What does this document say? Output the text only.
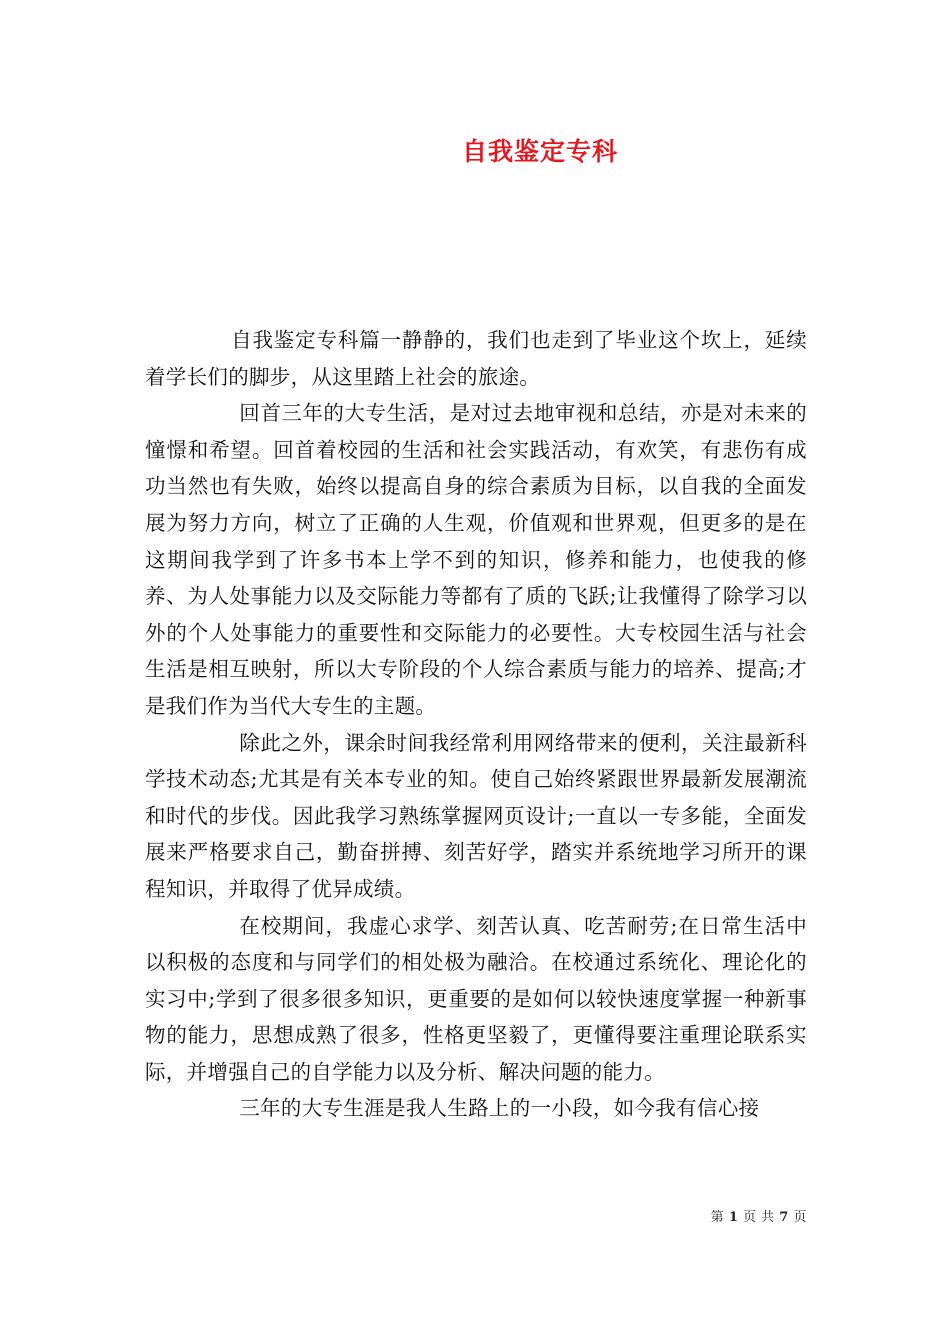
自我鉴定专科

自我鉴定专科篇一静静的，我们也走到了毕业这个坎上，延续着学长们的脚步，从这里踏上社会的旅途。

回首三年的大专生活，是对过去地审视和总结，亦是对未来的憧憬和希望。回首着校园的生活和社会实践活动，有欢笑，有悲伤有成功当然也有失败，始终以提高自身的综合素质为目标，以自我的全面发展为努力方向，树立了正确的人生观，价值观和世界观，但更多的是在这期间我学到了许多书本上学不到的知识，修养和能力，也使我的修养、为人处事能力以及交际能力等都有了质的飞跃;让我懂得了除学习以外的个人处事能力的重要性和交际能力的必要性。大专校园生活与社会生活是相互映射，所以大专阶段的个人综合素质与能力的培养、提高;才是我们作为当代大专生的主题。

除此之外，课余时间我经常利用网络带来的便利，关注最新科学技术动态;尤其是有关本专业的知。使自己始终紧跟世界最新发展潮流和时代的步伐。因此我学习熟练掌握网页设计;一直以一专多能，全面发展来严格要求自己，勤奋拼搏、刻苦好学，踏实并系统地学习所开的课程知识，并取得了优异成绩。

在校期间，我虚心求学、刻苦认真、吃苦耐劳;在日常生活中以积极的态度和与同学们的相处极为融洽。在校通过系统化、理论化的实习中;学到了很多很多知识，更重要的是如何以较快速度掌握一种新事物的能力，思想成熟了很多，性格更坚毅了，更懂得要注重理论联系实际，并增强自己的自学能力以及分析、解决问题的能力。

三年的大专生涯是我人生路上的一小段，如今我有信心接

第 1 页 共 7 页
